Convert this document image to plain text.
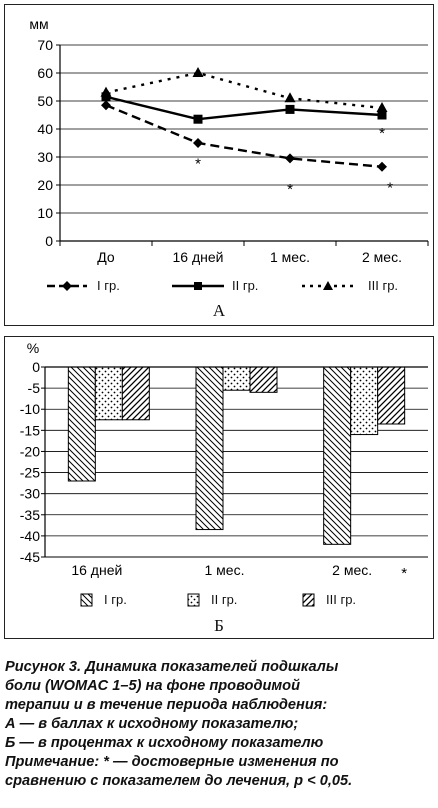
0
10
20
30
40
50
60
70
мм
До	16 дней	1 мес.	2 мес.
*
*	*
*
I гр.	II гр.	III гр.
А
0
-5
-10
-15
-20
-25
-30
-35
-40
-45
%
16 дней	1 мес.	2 мес. *
I гр.	II гр.	III гр.
Б
Рисунок 3. Динамика показателей подшкалы
боли (WOMAC 1–5) на фоне проводимой
терапии и в течение периода наблюдения:
А — в баллах к исходному показателю;
Б — в процентах к исходному показателю
Примечание: * — достоверные изменения по
сравнению с показателем до лечения, р < 0,05.
